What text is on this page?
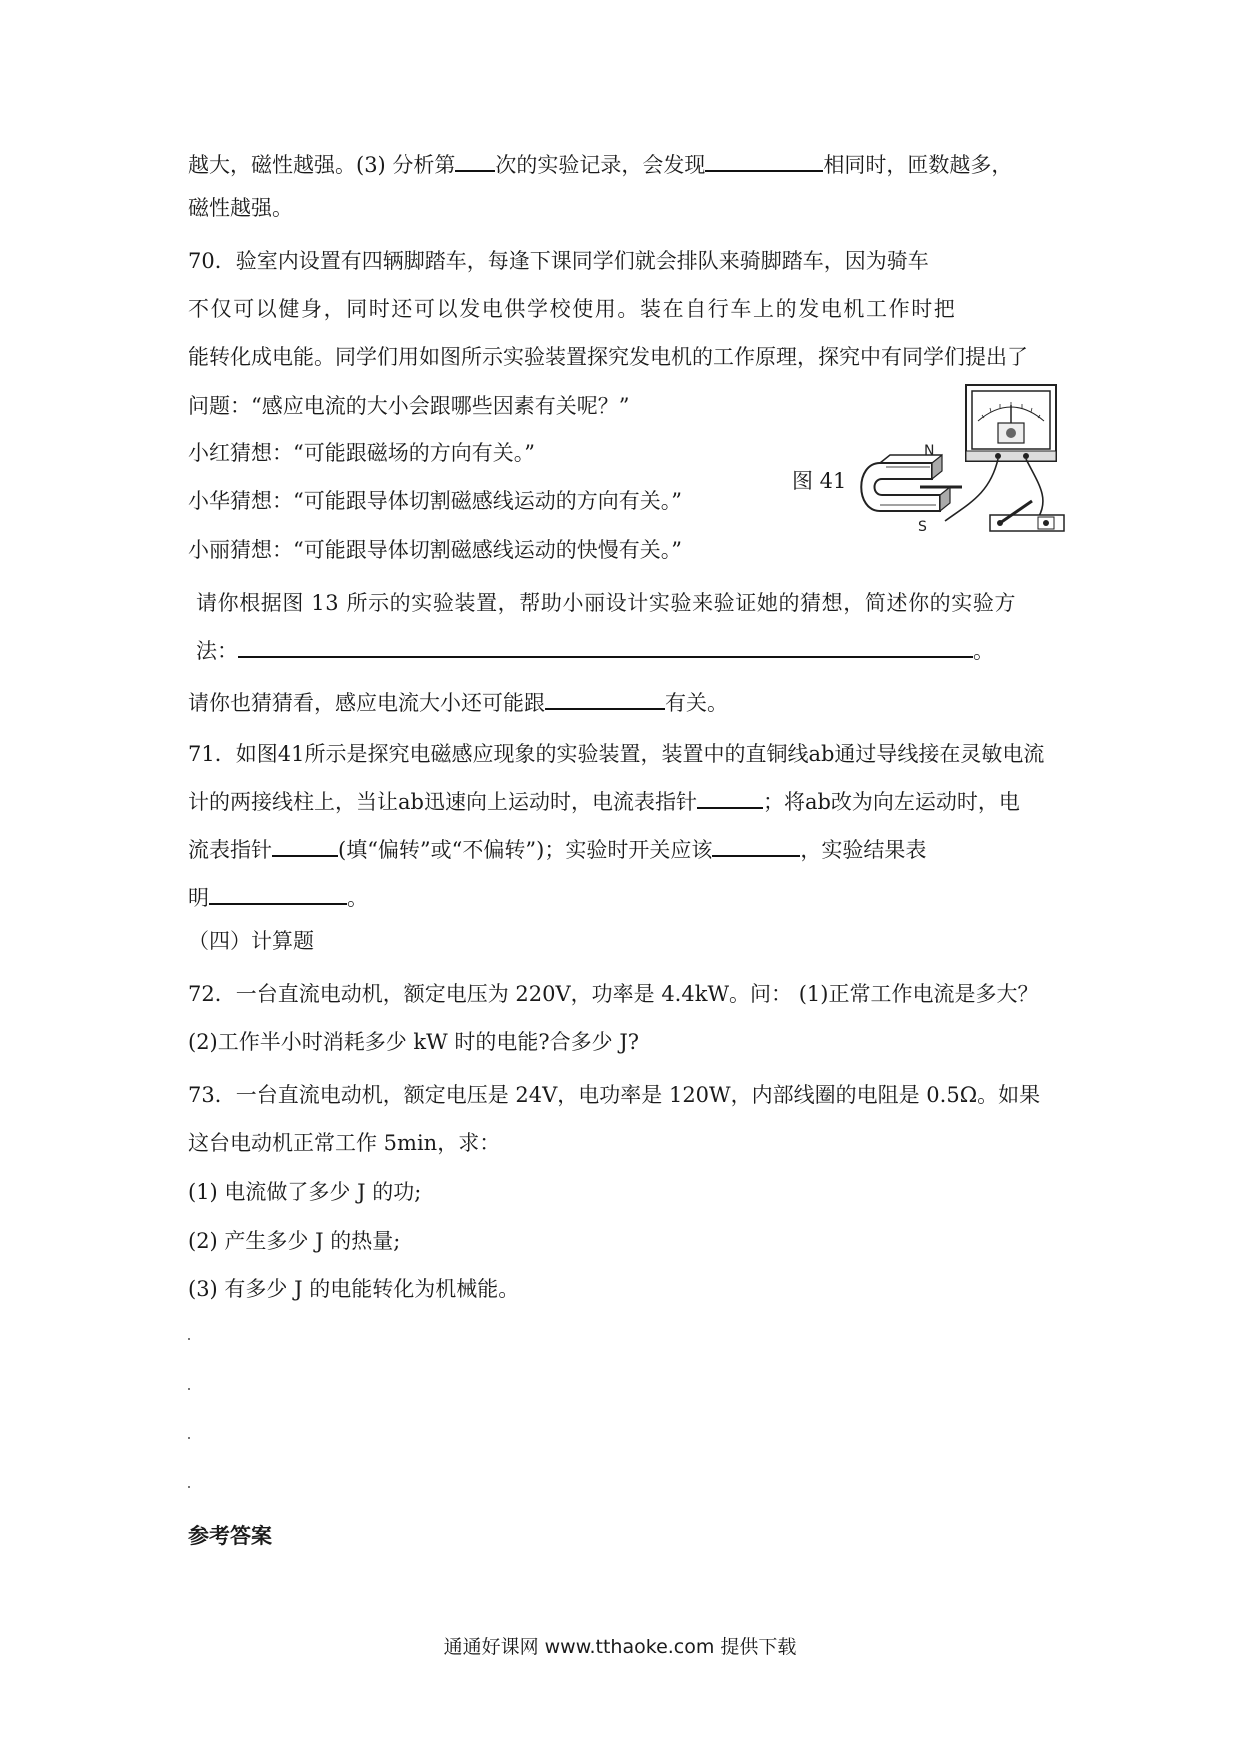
越大，磁性越强。(3) 分析第 次的实验记录，会发现	相同时，匝数越多，
磁性越强。
70．验室内设置有四辆脚踏车，每逢下课同学们就会排队来骑脚踏车，因为骑车
不仅可以健身，同时还可以发电供学校使用。装在自行车上的发电机工作时把
能转化成电能。同学们用如图所示实验装置探究发电机的工作原理，探究中有同学们提出了
问题：“感应电流的大小会跟哪些因素有关呢？”
小红猜想：“可能跟磁场的方向有关。”
小华猜想：“可能跟导体切割磁感线运动的方向有关。”
小丽猜想：“可能跟导体切割磁感线运动的快慢有关。”
请你根据图 13 所示的实验装置，帮助小丽设计实验来验证她的猜想，简述你的实验方
法：	。
请你也猜猜看，感应电流大小还可能跟	有关。
图 41
N
S
71．如图41所示是探究电磁感应现象的实验装置，装置中的直铜线ab通过导线接在灵敏电流
计的两接线柱上，当让ab迅速向上运动时，电流表指针	；将ab改为向左运动时，电
流表指针	(填“偏转”或“不偏转”)；实验时开关应该	，实验结果表
明	。
（四）计算题
72．一台直流电动机，额定电压为 220V，功率是 4.4kW。问： (1)正常工作电流是多大？
(2)工作半小时消耗多少 kW 时的电能?合多少 J?
73．一台直流电动机，额定电压是 24V，电功率是 120W，内部线圈的电阻是 0.5Ω。如果
这台电动机正常工作 5min，求：
(1) 电流做了多少 J 的功;
(2) 产生多少 J 的热量;
(3) 有多少 J 的电能转化为机械能。
参考答案
通通好课网 www.tthaoke.com 提供下载
